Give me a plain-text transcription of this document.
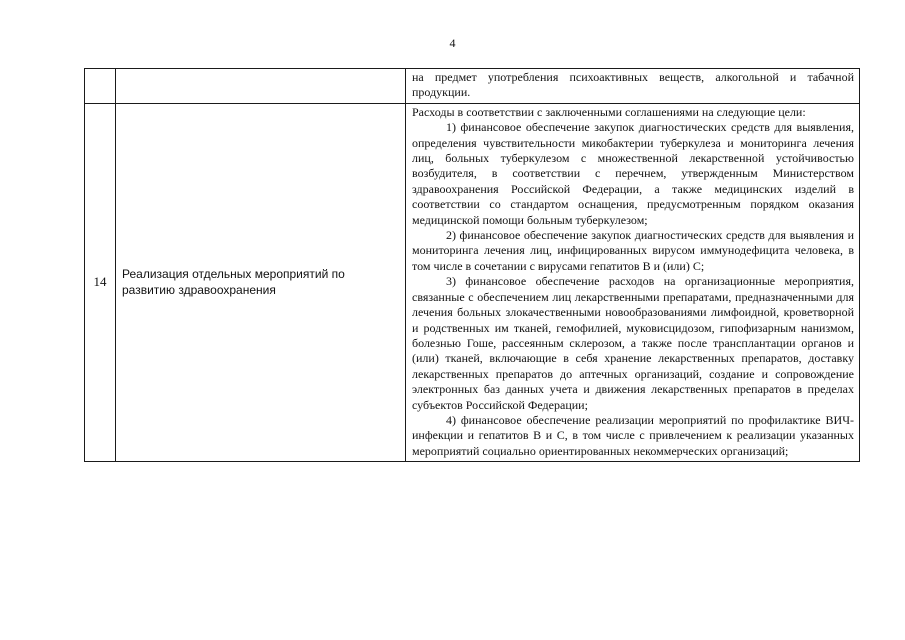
4

		на предмет употребления психоактивных веществ, алкогольной и табачной продукции.

14	Реализация отдельных мероприятий по развитию здравоохранения	Расходы в соответствии с заключенными соглашениями на следующие цели:

1) финансовое обеспечение закупок диагностических средств для выявления, определения чувствительности микобактерии туберкулеза и мониторинга лечения лиц, больных туберкулезом с множественной лекарственной устойчивостью возбудителя, в соответствии с перечнем, утвержденным Министерством здравоохранения Российской Федерации, а также медицинских изделий в соответствии со стандартом оснащения, предусмотренным порядком оказания медицинской помощи больным туберкулезом;

2) финансовое обеспечение закупок диагностических средств для выявления и мониторинга лечения лиц, инфицированных вирусом иммунодефицита человека, в том числе в сочетании с вирусами гепатитов В и (или) С;

3) финансовое обеспечение расходов на организационные мероприятия, связанные с обеспечением лиц лекарственными препаратами, предназначенными для лечения больных злокачественными новообразованиями лимфоидной, кроветворной и родственных им тканей, гемофилией, муковисцидозом, гипофизарным нанизмом, болезнью Гоше, рассеянным склерозом, а также после трансплантации органов и (или) тканей, включающие в себя хранение лекарственных препаратов, доставку лекарственных препаратов до аптечных организаций, создание и сопровождение электронных баз данных учета и движения лекарственных препаратов в пределах субъектов Российской Федерации;

4) финансовое обеспечение реализации мероприятий по профилактике ВИЧ-инфекции и гепатитов В и С, в том числе с привлечением к реализации указанных мероприятий социально ориентированных некоммерческих организаций;
